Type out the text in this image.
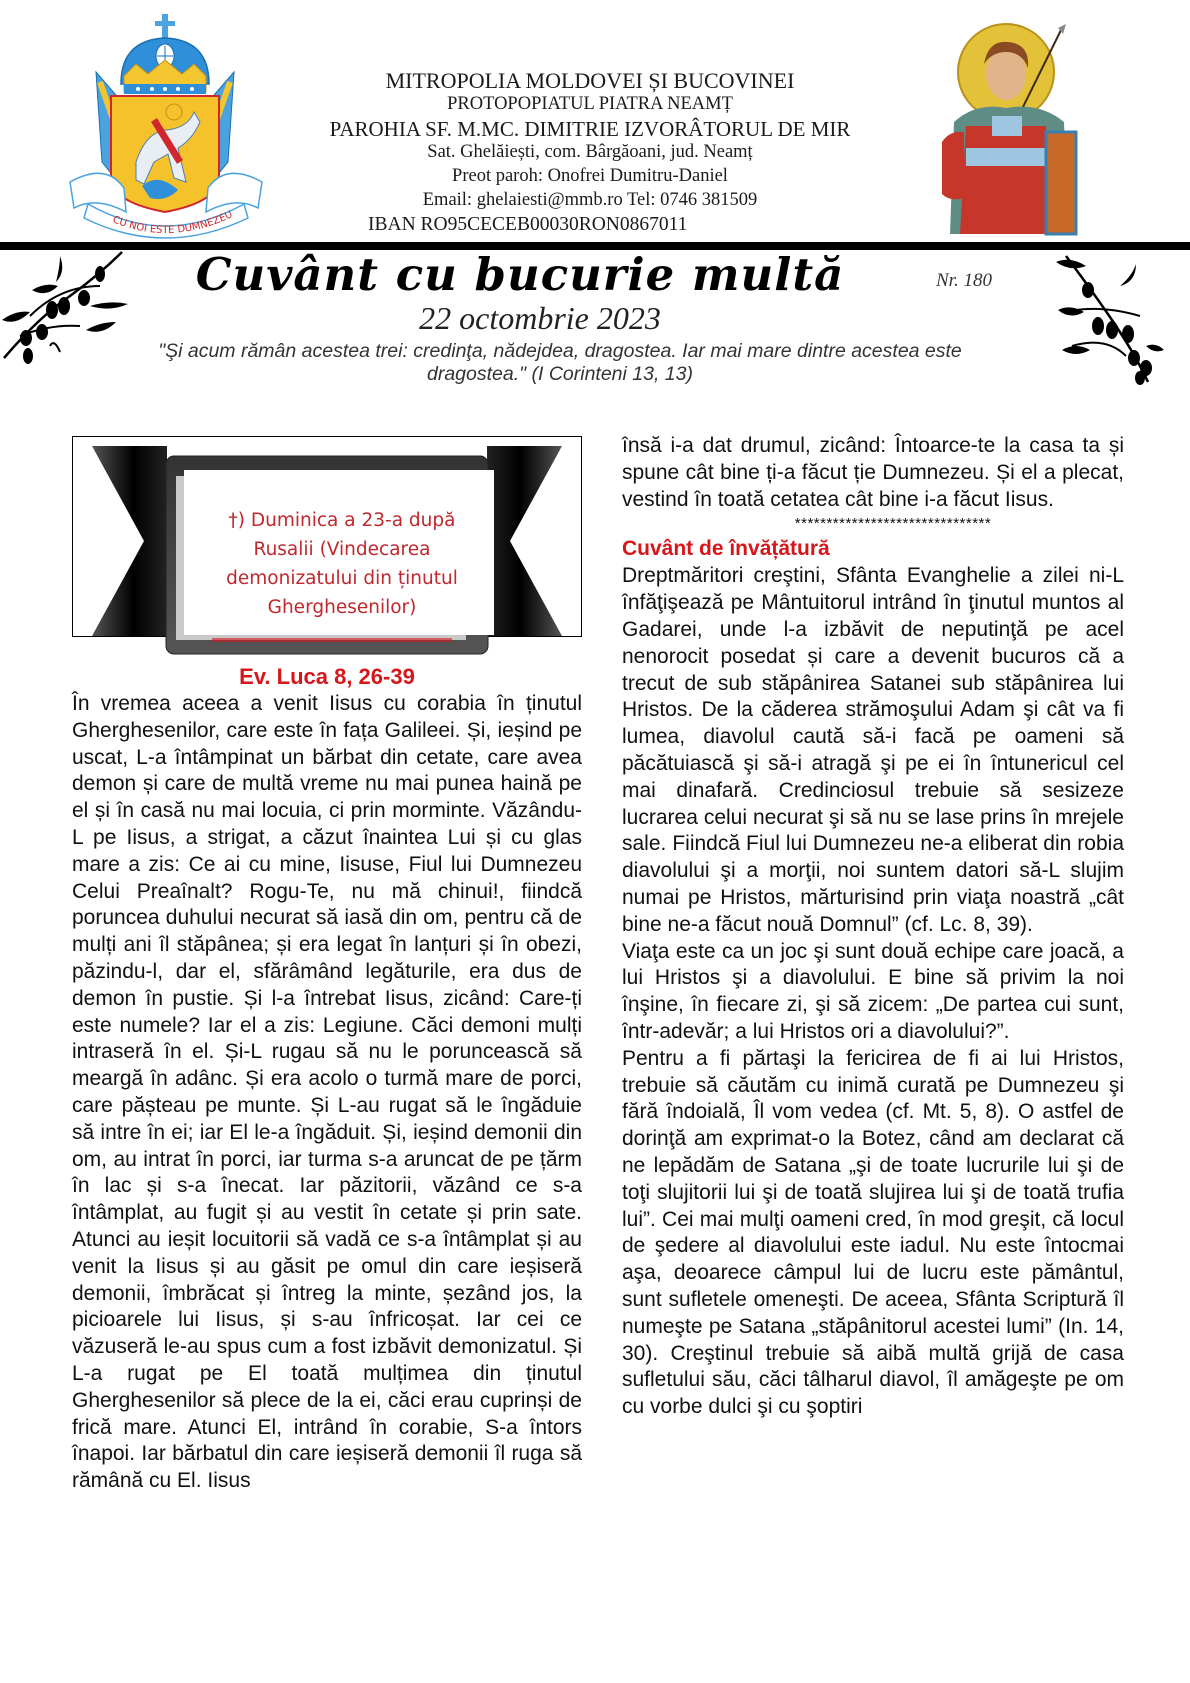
CU NOI ESTE DUMNEZEU
MITROPOLIA MOLDOVEI ȘI BUCOVINEI
PROTOPOPIATUL PIATRA NEAMȚ
PAROHIA SF. M.MC. DIMITRIE IZVORÂTORUL DE MIR
Sat. Ghelăiești, com. Bârgăoani, jud. Neamț
Preot paroh: Onofrei Dumitru-Daniel
Email: ghelaiesti@mmb.ro Tel: 0746 381509
IBAN RO95CECEB00030RON0867011
Cuvânt cu bucurie multă	Nr. 180
22 octombrie 2023
"Şi acum rămân acestea trei: credinţa, nădejdea, dragostea. Iar mai mare dintre acestea este dragostea." (I Corinteni 13, 13)
†) Duminica a 23-a după
Rusalii (Vindecarea
demonizatului din ținutul
Gherghesenilor)
Ev. Luca 8, 26-39

În vremea aceea a venit Iisus cu corabia în ținutul Gherghesenilor, care este în fața Galileei. Și, ieșind pe uscat, L-a întâmpinat un bărbat din cetate, care avea demon și care de multă vreme nu mai punea haină pe el și în casă nu mai locuia, ci prin morminte. Văzându-L pe Iisus, a strigat, a căzut înaintea Lui și cu glas mare a zis: Ce ai cu mine, Iisuse, Fiul lui Dumnezeu Celui Preaînalt? Rogu-Te, nu mă chinui!, fiindcă poruncea duhului necurat să iasă din om, pentru că de mulți ani îl stăpânea; și era legat în lanțuri și în obezi, păzindu-l, dar el, sfărâmând legăturile, era dus de demon în pustie. Și l-a întrebat Iisus, zicând: Care-ți este numele? Iar el a zis: Legiune. Căci demoni mulți intraseră în el. Și-L rugau să nu le poruncească să meargă în adânc. Și era acolo o turmă mare de porci, care pășteau pe munte. Și L-au rugat să le îngăduie să intre în ei; iar El le-a îngăduit. Și, ieșind demonii din om, au intrat în porci, iar turma s-a aruncat de pe țărm în lac și s-a înecat. Iar păzitorii, văzând ce s-a întâmplat, au fugit și au vestit în cetate și prin sate. Atunci au ieșit locuitorii să vadă ce s-a întâmplat și au venit la Iisus și au găsit pe omul din care ieșiseră demonii, îmbrăcat și întreg la minte, șezând jos, la picioarele lui Iisus, și s-au înfricoșat. Iar cei ce văzuseră le-au spus cum a fost izbăvit demonizatul. Și L-a rugat pe El toată mulțimea din ținutul Gherghesenilor să plece de la ei, căci erau cuprinși de frică mare. Atunci El, intrând în corabie, S-a întors înapoi. Iar bărbatul din care ieșiseră demonii îl ruga să rămână cu El. Iisus

însă i-a dat drumul, zicând: Întoarce-te la casa ta și spune cât bine ți-a făcut ție Dumnezeu. Și el a plecat, vestind în toată cetatea cât bine i-a făcut Iisus.

*******************************

Cuvânt de învățătură

Dreptmăritori creştini, Sfânta Evanghelie a zilei ni-L înfăţişează pe Mântuitorul intrând în ţinutul muntos al Gadarei, unde l-a izbăvit de neputinţă pe acel nenorocit posedat și care a devenit bucuros că a trecut de sub stăpânirea Satanei sub stăpânirea lui Hristos. De la căderea strămoşului Adam şi cât va fi lumea, diavolul caută să-i facă pe oameni să păcătuiască şi să-i atragă şi pe ei în întunericul cel mai dinafară. Credinciosul trebuie să sesizeze lucrarea celui necurat şi să nu se lase prins în mrejele sale. Fiindcă Fiul lui Dumnezeu ne-a eliberat din robia diavolului şi a morţii, noi suntem datori să-L slujim numai pe Hristos, mărturisind prin viaţa noastră „cât bine ne-a făcut nouă Domnul” (cf. Lc. 8, 39).

Viaţa este ca un joc şi sunt două echipe care joacă, a lui Hristos şi a diavolului. E bine să privim la noi înşine, în fiecare zi, şi să zicem: „De partea cui sunt, într-adevăr; a lui Hristos ori a diavolului?”.

Pentru a fi părtaşi la fericirea de fi ai lui Hristos, trebuie să căutăm cu inimă curată pe Dumnezeu şi fără îndoială, Îl vom vedea (cf. Mt. 5, 8). O astfel de dorinţă am exprimat-o la Botez, când am declarat că ne lepădăm de Satana „şi de toate lucrurile lui şi de toţi slujitorii lui şi de toată slujirea lui şi de toată trufia lui”. Cei mai mulţi oameni cred, în mod greşit, că locul de şedere al diavolului este iadul. Nu este întocmai aşa, deoarece câmpul lui de lucru este pământul, sunt sufletele omeneşti. De aceea, Sfânta Scriptură îl numeşte pe Satana „stăpânitorul acestei lumi” (In. 14, 30). Creştinul trebuie să aibă multă grijă de casa sufletului său, căci tâlharul diavol, îl amăgeşte pe om cu vorbe dulci şi cu şoptiri
